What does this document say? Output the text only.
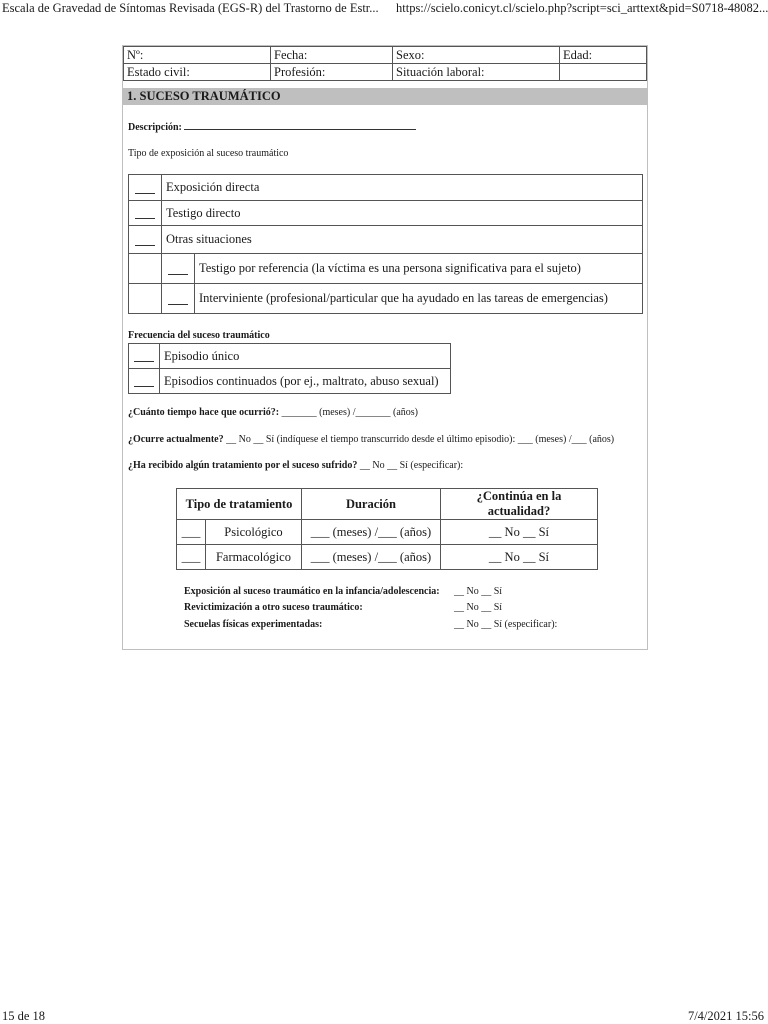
Escala de Gravedad de Síntomas Revisada (EGS-R) del Trastorno de Estr... https://scielo.conicyt.cl/scielo.php?script=sci_arttext&pid=S0718-48082...
15 de 18	7/4/2021 15:56
Nº:	Fecha:	Sexo:	Edad:
Estado civil:	Profesión:	Situación laboral:	
1. SUCESO TRAUMÁTICO
Descripción:
Tipo de exposición al suceso traumático
	Exposición directa	
	Testigo directo	
	Otras situaciones	
		Testigo por referencia (la víctima es una persona significativa para el sujeto)
		Interviniente (profesional/particular que ha ayudado en las tareas de emergencias)
Frecuencia del suceso traumático
	Episodio único
	Episodios continuados (por ej., maltrato, abuso sexual)
¿Cuánto tiempo hace que ocurrió?: _______ (meses) /_______ (años)
¿Ocurre actualmente? __ No __ Sí (indíquese el tiempo transcurrido desde el último episodio): ___ (meses) /___ (años)
¿Ha recibido algún tratamiento por el suceso sufrido? __ No __ Sí (especificar):
Tipo de tratamiento		Duración	¿Continúa en la actualidad?
___	Psicológico	___ (meses) /___ (años)	__ No __ Sí
___	Farmacológico	___ (meses) /___ (años)	__ No __ Sí
Exposición al suceso traumático en la infancia/adolescencia: __ No __ Sí
Revictimización a otro suceso traumático:	__ No __ Sí
Secuelas físicas experimentadas:	__ No __ Sí (especificar):
